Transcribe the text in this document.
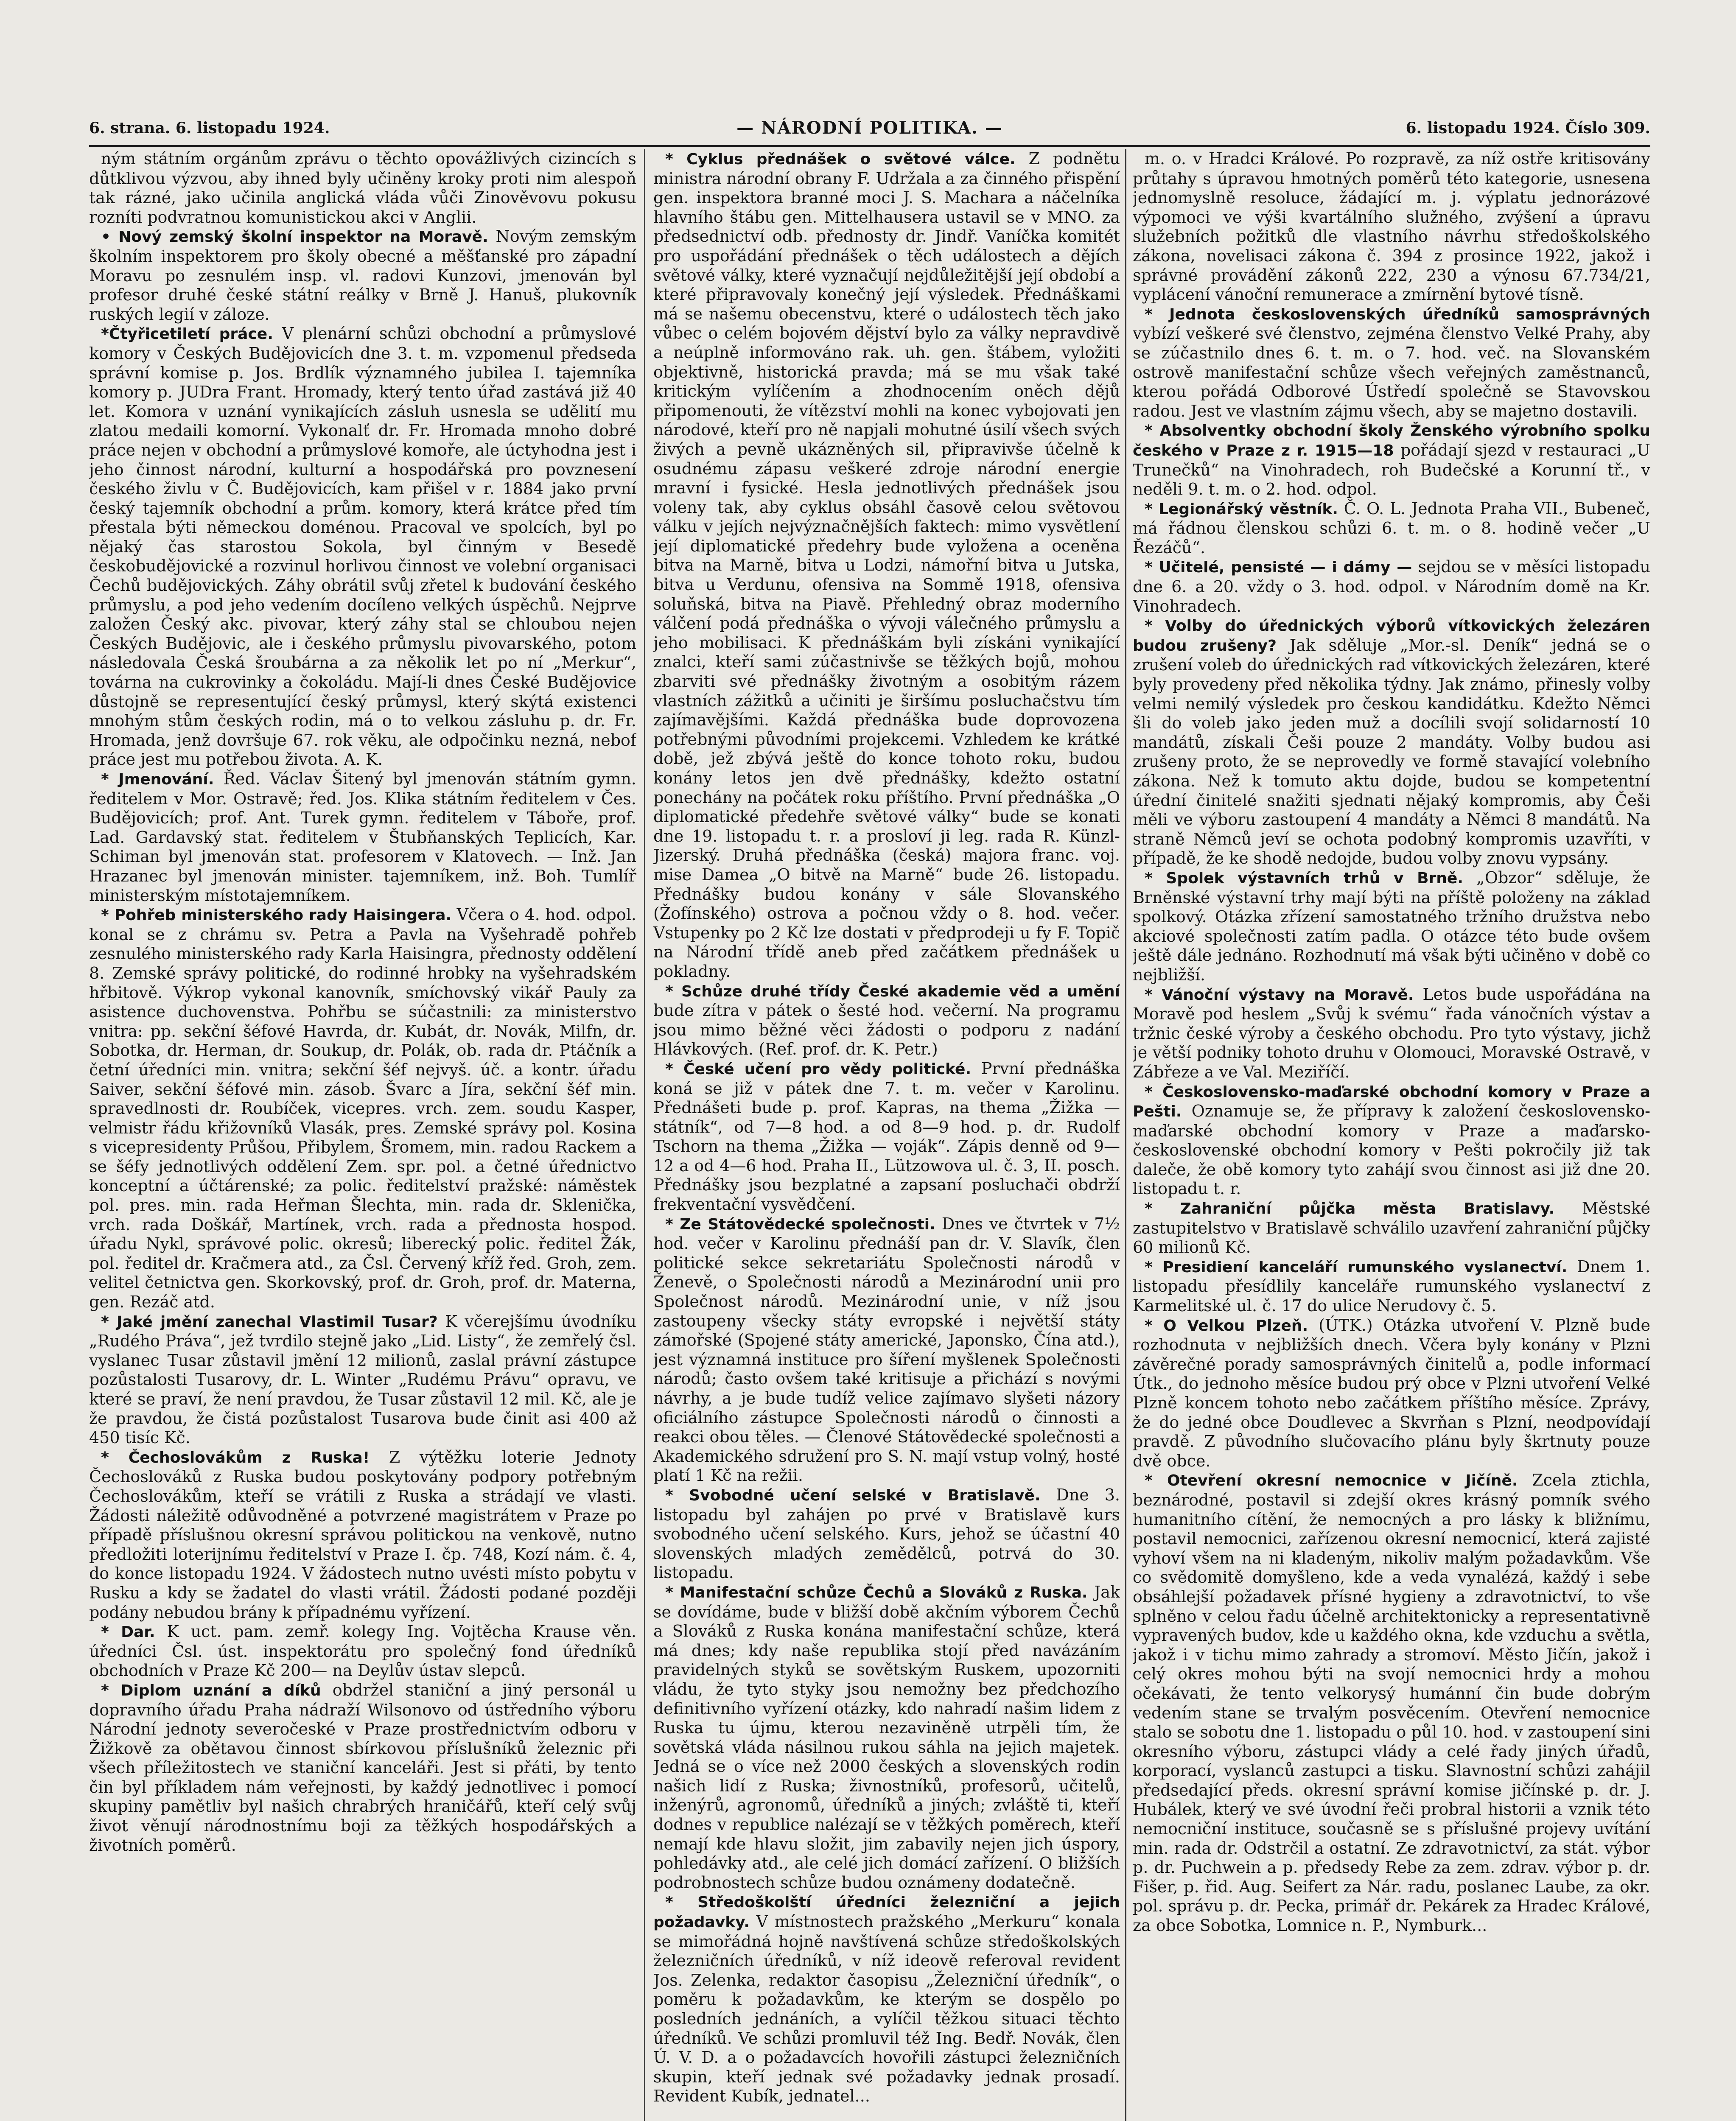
6. strana. 6. listopadu 1924.	— NÁRODNÍ POLITIKA. —	6. listopadu 1924. Číslo 309.

ným státním orgánům zprávu o těchto opovážlivých cizincích s důtklivou výzvou, aby ihned byly učiněny kroky proti nim alespoň tak rázné, jako učinila anglická vláda vůči Zinověvovu pokusu rozníti podvratnou komunistickou akci v Anglii.

• Nový zemský školní inspektor na Moravě. Novým zemským školním inspektorem pro školy obecné a měšťanské pro západní Moravu po zesnulém insp. vl. radovi Kunzovi, jmenován byl profesor druhé české státní reálky v Brně J. Hanuš, plukovník ruských legií v záloze.

*Čtyřicetiletí práce. V plenární schůzi obchodní a průmyslové komory v Českých Budějovicích dne 3. t. m. vzpomenul předseda správní komise p. Jos. Brdlík významného jubilea I. tajemníka komory p. JUDra Frant. Hromady, který tento úřad zastává již 40 let. Komora v uznání vynikajících zásluh usnesla se udělití mu zlatou medaili komorní. Vykonalť dr. Fr. Hromada mnoho dobré práce nejen v obchodní a průmyslové komoře, ale úctyhodna jest i jeho činnost národní, kulturní a hospodářská pro povznesení českého živlu v Č. Budějovicích, kam přišel v r. 1884 jako první český tajemník obchodní a prům. komory, která krátce před tím přestala býti německou doménou. Pracoval ve spolcích, byl po nějaký čas starostou Sokola, byl činným v Besedě českobudějovické a rozvinul horlivou činnost ve volební organisaci Čechů budějovických. Záhy obrátil svůj zřetel k budování českého průmyslu, a pod jeho vedením docíleno velkých úspěchů. Nejprve založen Český akc. pivovar, který záhy stal se chloubou nejen Českých Budějovic, ale i českého průmyslu pivovarského, potom následovala Česká šroubárna a za několik let po ní „Merkur“, továrna na cukrovinky a čokoládu. Mají-li dnes České Budějovice důstojně se representující český průmysl, který skýtá existenci mnohým stům českých rodin, má o to velkou zásluhu p. dr. Fr. Hromada, jenž dovršuje 67. rok věku, ale odpočinku nezná, nebof práce jest mu potřebou života. A. K.

* Jmenování. Řed. Václav Šitený byl jmenován státním gymn. ředitelem v Mor. Ostravě; řed. Jos. Klika státním ředitelem v Čes. Budějovicích; prof. Ant. Turek gymn. ředitelem v Táboře, prof. Lad. Gardavský stat. ředitelem v Štubňanských Teplicích, Kar. Schiman byl jmenován stat. profesorem v Klatovech. — Inž. Jan Hrazanec byl jmenován minister. tajemníkem, inž. Boh. Tumlíř ministerským místotajemníkem.

* Pohřeb ministerského rady Haisingera. Včera o 4. hod. odpol. konal se z chrámu sv. Petra a Pavla na Vyšehradě pohřeb zesnulého ministerského rady Karla Haisingra, přednosty oddělení 8. Zemské správy politické, do rodinné hrobky na vyšehradském hřbitově. Výkrop vykonal kanovník, smíchovský vikář Pauly za asistence duchovenstva. Pohřbu se súčastnili: za ministerstvo vnitra: pp. sekční šéfové Havrda, dr. Kubát, dr. Novák, Milfn, dr. Sobotka, dr. Herman, dr. Soukup, dr. Polák, ob. rada dr. Ptáčník a četní úředníci min. vnitra; sekční šéf nejvyš. úč. a kontr. úřadu Saiver, sekční šéfové min. zásob. Švarc a Jíra, sekční šéf min. spravedlnosti dr. Roubíček, vicepres. vrch. zem. soudu Kasper, velmistr řádu křižovníků Vlasák, pres. Zemské správy pol. Kosina s vicepresidenty Průšou, Přibylem, Šromem, min. radou Rackem a se šéfy jednotlivých oddělení Zem. spr. pol. a četné úřednictvo konceptní a účtárenské; za polic. ředitelství pražské: náměstek pol. pres. min. rada Heřman Šlechta, min. rada dr. Sklenička, vrch. rada Doškář, Martínek, vrch. rada a přednosta hospod. úřadu Nykl, správové polic. okresů; liberecký polic. ředitel Žák, pol. ředitel dr. Kračmera atd., za Čsl. Červený kříž řed. Groh, zem. velitel četnictva gen. Skorkovský, prof. dr. Groh, prof. dr. Materna, gen. Rezáč atd.

* Jaké jmění zanechal Vlastimil Tusar? K včerejšímu úvodníku „Rudého Práva“, jež tvrdilo stejně jako „Lid. Listy“, že zemřelý čsl. vyslanec Tusar zůstavil jmění 12 milionů, zaslal právní zástupce pozůstalosti Tusarovy, dr. L. Winter „Rudému Právu“ opravu, ve které se praví, že není pravdou, že Tusar zůstavil 12 mil. Kč, ale je že pravdou, že čistá pozůstalost Tusarova bude činit asi 400 až 450 tisíc Kč.

* Čechoslovákům z Ruska! Z výtěžku loterie Jednoty Čechoslováků z Ruska budou poskytovány podpory potřebným Čechoslovákům, kteří se vrátili z Ruska a strádají ve vlasti. Žádosti náležitě odůvodněné a potvrzené magistrátem v Praze po případě příslušnou okresní správou politickou na venkově, nutno předložiti loterijnímu ředitelství v Praze I. čp. 748, Kozí nám. č. 4, do konce listopadu 1924. V žádostech nutno uvésti místo pobytu v Rusku a kdy se žadatel do vlasti vrátil. Žádosti podané později podány nebudou brány k případnému vyřízení.

* Dar. K uct. pam. zemř. kolegy Ing. Vojtěcha Krause věn. úředníci Čsl. úst. inspektorátu pro společný fond úředníků obchodních v Praze Kč 200— na Deylův ústav slepců.

* Diplom uznání a díků obdržel staniční a jiný personál u dopravního úřadu Praha nádraží Wilsonovo od ústředního výboru Národní jednoty severočeské v Praze prostřednictvím odboru v Žižkově za obětavou činnost sbírkovou příslušníků železnic při všech příležitostech ve staniční kanceláři. Jest si přáti, by tento čin byl příkladem nám veřejnosti, by každý jednotlivec i pomocí skupiny pamětliv byl našich chrabrých hraničářů, kteří celý svůj život věnují národnostnímu boji za těžkých hospodářských a životních poměrů.

* Cyklus přednášek o světové válce. Z podnětu ministra národní obrany F. Udržala a za činného přispění gen. inspektora branné moci J. S. Machara a náčelníka hlavního štábu gen. Mittelhausera ustavil se v MNO. za předsednictví odb. přednosty dr. Jindř. Vaníčka komitét pro uspořádání přednášek o těch událostech a dějích světové války, které vyznačují nejdůležitější její období a které připravovaly konečný její výsledek. Přednáškami má se našemu obecenstvu, které o událostech těch jako vůbec o celém bojovém dějství bylo za války nepravdivě a neúplně informováno rak. uh. gen. štábem, vyložiti objektivně, historická pravda; má se mu však také kritickým vylíčením a zhodnocením oněch dějů připomenouti, že vítězství mohli na konec vybojovati jen národové, kteří pro ně napjali mohutné úsilí všech svých živých a pevně ukázněných sil, připravivše účelně k osudnému zápasu veškeré zdroje národní energie mravní i fysické. Hesla jednotlivých přednášek jsou voleny tak, aby cyklus obsáhl časově celou světovou válku v jejích nejvýznačnějších faktech: mimo vysvětlení její diplomatické předehry bude vyložena a oceněna bitva na Marně, bitva u Lodzi, námořní bitva u Jutska, bitva u Verdunu, ofensiva na Sommě 1918, ofensiva soluňská, bitva na Piavě. Přehledný obraz moderního válčení podá přednáška o vývoji válečného průmyslu a jeho mobilisaci. K přednáškám byli získáni vynikající znalci, kteří sami zúčastnivše se těžkých bojů, mohou zbarviti své přednášky životným a osobitým rázem vlastních zážitků a učiniti je širšímu posluchačstvu tím zajímavějšími. Každá přednáška bude doprovozena potřebnými původními projekcemi. Vzhledem ke krátké době, jež zbývá ještě do konce tohoto roku, budou konány letos jen dvě přednášky, kdežto ostatní ponechány na počátek roku příštího. První přednáška „O diplomatické předehře světové války“ bude se konati dne 19. listopadu t. r. a prosloví ji leg. rada R. Künzl-Jizerský. Druhá přednáška (česká) majora franc. voj. mise Damea „O bitvě na Marně“ bude 26. listopadu. Přednášky budou konány v sále Slovanského (Žofínského) ostrova a počnou vždy o 8. hod. večer. Vstupenky po 2 Kč lze dostati v předprodeji u fy F. Topič na Národní třídě aneb před začátkem přednášek u pokladny.

* Schůze druhé třídy České akademie věd a umění bude zítra v pátek o šesté hod. večerní. Na programu jsou mimo běžné věci žádosti o podporu z nadání Hlávkových. (Ref. prof. dr. K. Petr.)

* České učení pro vědy politické. První přednáška koná se již v pátek dne 7. t. m. večer v Karolinu. Přednášeti bude p. prof. Kapras, na thema „Žižka — státník“, od 7—8 hod. a od 8—9 hod. p. dr. Rudolf Tschorn na thema „Žižka — voják“. Zápis denně od 9—12 a od 4—6 hod. Praha II., Lützowova ul. č. 3, II. posch. Přednášky jsou bezplatné a zapsaní posluchači obdrží frekventační vysvědčení.

* Ze Státovědecké společnosti. Dnes ve čtvrtek v 7½ hod. večer v Karolinu přednáší pan dr. V. Slavík, člen politické sekce sekretariátu Společnosti národů v Ženevě, o Společnosti národů a Mezinárodní unii pro Společnost národů. Mezinárodní unie, v níž jsou zastoupeny všecky státy evropské i největší státy zámořské (Spojené státy americké, Japonsko, Čína atd.), jest významná instituce pro šíření myšlenek Společnosti národů; často ovšem také kritisuje a přichází s novými návrhy, a je bude tudíž velice zajímavo slyšeti názory oficiálního zástupce Společnosti národů o činnosti a reakci obou těles. — Členové Státovědecké společnosti a Akademického sdružení pro S. N. mají vstup volný, hosté platí 1 Kč na režii.

* Svobodné učení selské v Bratislavě. Dne 3. listopadu byl zahájen po prvé v Bratislavě kurs svobodného učení selského. Kurs, jehož se účastní 40 slovenských mladých zemědělců, potrvá do 30. listopadu.

* Manifestační schůze Čechů a Slováků z Ruska. Jak se dovídáme, bude v bližší době akčním výborem Čechů a Slováků z Ruska konána manifestační schůze, která má dnes; kdy naše republika stojí před navázáním pravidelných styků se sovětským Ruskem, upozorniti vládu, že tyto styky jsou nemožny bez předchozího definitivního vyřízení otázky, kdo nahradí našim lidem z Ruska tu újmu, kterou nezaviněně utrpěli tím, že sovětská vláda násilnou rukou sáhla na jejich majetek. Jedná se o více než 2000 českých a slovenských rodin našich lidí z Ruska; živnostníků, profesorů, učitelů, inženýrů, agronomů, úředníků a jiných; zvláště ti, kteří dodnes v republice nalézají se v těžkých poměrech, kteří nemají kde hlavu složit, jim zabavily nejen jich úspory, pohledávky atd., ale celé jich domácí zařízení. O bližších podrobnostech schůze budou oznámeny dodatečně.

* Středoškolští úředníci železniční a jejich požadavky. V místnostech pražského „Merkuru“ konala se mimořádná hojně navštívená schůze středoškolských železničních úředníků, v níž ideově referoval revident Jos. Zelenka, redaktor časopisu „Železniční úředník“, o poměru k požadavkům, ke kterým se dospělo po posledních jednáních, a vylíčil těžkou situaci těchto úředníků. Ve schůzi promluvil též Ing. Bedř. Novák, člen Ú. V. D. a o požadavcích hovořili zástupci železničních skupin, kteří jednak své požadavky jednak prosadí. Revident Kubík, jednatel...

m. o. v Hradci Králové. Po rozpravě, za níž ostře kritisovány průtahy s úpravou hmotných poměrů této kategorie, usnesena jednomyslně resoluce, žádající m. j. výplatu jednorázové výpomoci ve výši kvartálního služného, zvýšení a úpravu služebních požitků dle vlastního návrhu středoškolského zákona, novelisaci zákona č. 394 z prosince 1922, jakož i správné provádění zákonů 222, 230 a výnosu 67.734/21, vyplácení vánoční remunerace a zmírnění bytové tísně.

* Jednota československých úředníků samosprávných vybízí veškeré své členstvo, zejména členstvo Velké Prahy, aby se zúčastnilo dnes 6. t. m. o 7. hod. več. na Slovanském ostrově manifestační schůze všech veřejných zaměstnanců, kterou pořádá Odborové Ústředí společně se Stavovskou radou. Jest ve vlastním zájmu všech, aby se majetno dostavili.

* Absolventky obchodní školy Ženského výrobního spolku českého v Praze z r. 1915—18 pořádají sjezd v restauraci „U Trunečků“ na Vinohradech, roh Budečské a Korunní tř., v neděli 9. t. m. o 2. hod. odpol.

* Legionářský věstník. Č. O. L. Jednota Praha VII., Bubeneč, má řádnou členskou schůzi 6. t. m. o 8. hodině večer „U Řezáčů“.

* Učitelé, pensisté — i dámy — sejdou se v měsíci listopadu dne 6. a 20. vždy o 3. hod. odpol. v Národním domě na Kr. Vinohradech.

* Volby do úřednických výborů vítkovických železáren budou zrušeny? Jak sděluje „Mor.-sl. Deník“ jedná se o zrušení voleb do úřednických rad vítkovických železáren, které byly provedeny před několika týdny. Jak známo, přinesly volby velmi nemilý výsledek pro českou kandidátku. Kdežto Němci šli do voleb jako jeden muž a docílili svojí solidarností 10 mandátů, získali Češi pouze 2 mandáty. Volby budou asi zrušeny proto, že se neprovedly ve formě stavající volebního zákona. Než k tomuto aktu dojde, budou se kompetentní úřední činitelé snažiti sjednati nějaký kompromis, aby Češi měli ve výboru zastoupení 4 mandáty a Němci 8 mandátů. Na straně Němců jeví se ochota podobný kompromis uzavříti, v případě, že ke shodě nedojde, budou volby znovu vypsány.

* Spolek výstavních trhů v Brně. „Obzor“ sděluje, že Brněnské výstavní trhy mají býti na příště položeny na základ spolkový. Otázka zřízení samostatného tržního družstva nebo akciové společnosti zatím padla. O otázce této bude ovšem ještě dále jednáno. Rozhodnutí má však býti učiněno v době co nejbližší.

* Vánoční výstavy na Moravě. Letos bude uspořádána na Moravě pod heslem „Svůj k svému“ řada vánočních výstav a tržnic české výroby a českého obchodu. Pro tyto výstavy, jichž je větší podniky tohoto druhu v Olomouci, Moravské Ostravě, v Zábřeze a ve Val. Meziříčí.

* Československo-maďarské obchodní komory v Praze a Pešti. Oznamuje se, že přípravy k založení československo-maďarské obchodní komory v Praze a maďarsko-československé obchodní komory v Pešti pokročily již tak daleče, že obě komory tyto zahájí svou činnost asi již dne 20. listopadu t. r.

* Zahraniční půjčka města Bratislavy. Městské zastupitelstvo v Bratislavě schválilo uzavření zahraniční půjčky 60 milionů Kč.

* Presidiení kanceláří rumunského vyslanectví. Dnem 1. listopadu přesídlily kanceláře rumunského vyslanectví z Karmelitské ul. č. 17 do ulice Nerudovy č. 5.

* O Velkou Plzeň. (ÚTK.) Otázka utvoření V. Plzně bude rozhodnuta v nejbližších dnech. Včera byly konány v Plzni závěrečné porady samosprávných činitelů a, podle informací Útk., do jednoho měsíce budou prý obce v Plzni utvoření Velké Plzně koncem tohoto nebo začátkem příštího měsíce. Zprávy, že do jedné obce Doudlevec a Skvrňan s Plzní, neodpovídají pravdě. Z původního slučovacího plánu byly škrtnuty pouze dvě obce.

* Otevření okresní nemocnice v Jičíně. Zcela ztichla, beznárodné, postavil si zdejší okres krásný pomník svého humanitního cítění, že nemocných a pro lásky k bližnímu, postavil nemocnici, zařízenou okresní nemocnicí, která zajisté vyhoví všem na ni kladeným, nikoliv malým požadavkům. Vše co svědomitě domyšleno, kde a veda vynalézá, každý i sebe obsáhlejší požadavek přísné hygieny a zdravotnictví, to vše splněno v celou řadu účelně architektonicky a representativně vypravených budov, kde u každého okna, kde vzduchu a světla, jakož i v tichu mimo zahrady a stromoví. Město Jičín, jakož i celý okres mohou býti na svojí nemocnici hrdy a mohou očekávati, že tento velkorysý humánní čin bude dobrým vedením stane se trvalým posvěcením. Otevření nemocnice stalo se sobotu dne 1. listopadu o půl 10. hod. v zastoupení sini okresního výboru, zástupci vlády a celé řady jiných úřadů, korporací, vyslanců zastupci a tisku. Slavnostní schůzi zahájil předsedající předs. okresní správní komise jičínské p. dr. J. Hubálek, který ve své úvodní řeči probral historii a vznik této nemocniční instituce, současně se s příslušné projevy uvítání min. rada dr. Odstrčil a ostatní. Ze zdravotnictví, za stát. výbor p. dr. Puchwein a p. předsedy Rebe za zem. zdrav. výbor p. dr. Fišer, p. řid. Aug. Seifert za Nár. radu, poslanec Laube, za okr. pol. správu p. dr. Pecka, primář dr. Pekárek za Hradec Králové, za obce Sobotka, Lomnice n. P., Nymburk...
